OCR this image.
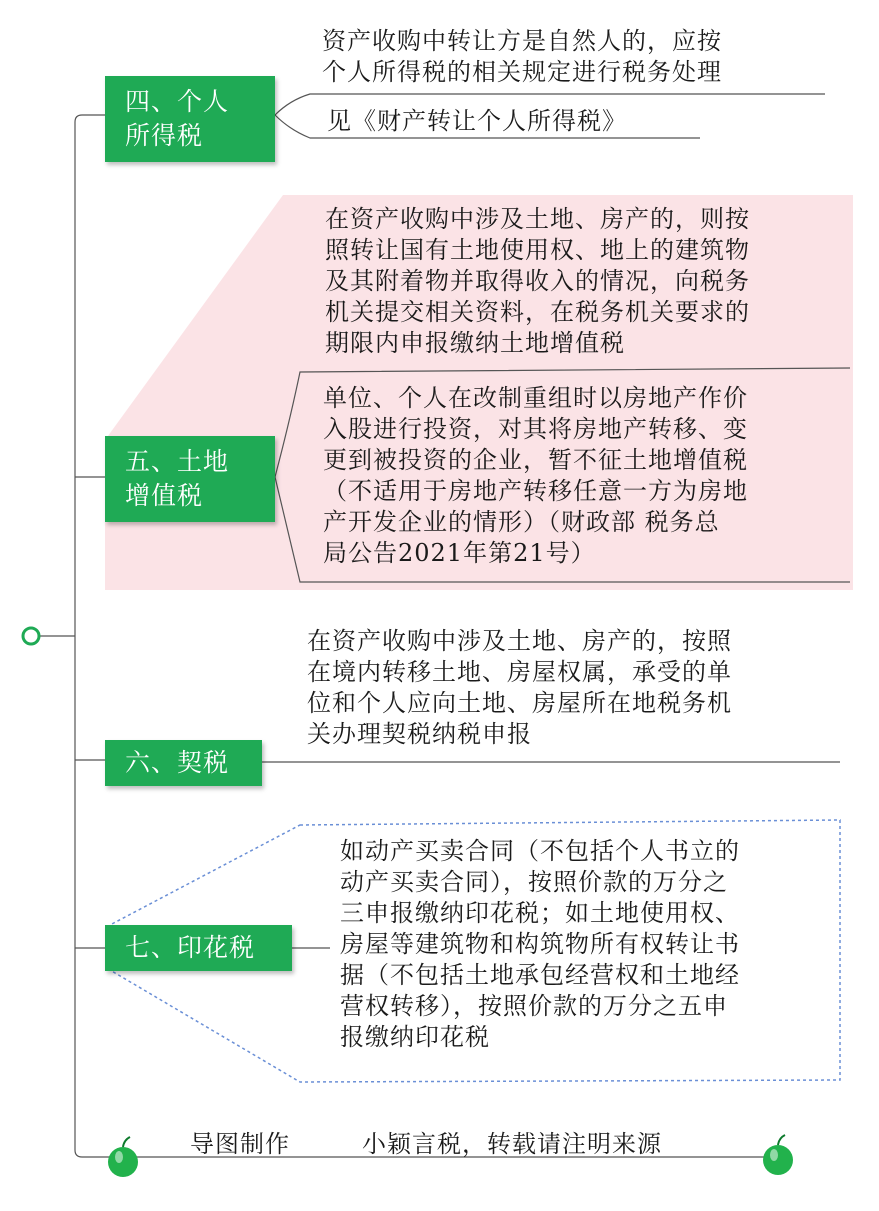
四、个人
所得税
资产收购中转让方是自然人的，应按
个人所得税的相关规定进行税务处理
见《财产转让个人所得税》
五、土地
增值税
在资产收购中涉及土地、房产的，则按
照转让国有土地使用权、地上的建筑物
及其附着物并取得收入的情况，向税务
机关提交相关资料，在税务机关要求的
期限内申报缴纳土地增值税
单位、个人在改制重组时以房地产作价
入股进行投资，对其将房地产转移、变
更到被投资的企业，暂不征土地增值税
（不适用于房地产转移任意一方为房地
产开发企业的情形）（财政部 税务总
局公告2021年第21号）
六、契税
在资产收购中涉及土地、房产的，按照
在境内转移土地、房屋权属，承受的单
位和个人应向土地、房屋所在地税务机
关办理契税纳税申报
七、印花税
如动产买卖合同（不包括个人书立的
动产买卖合同），按照价款的万分之
三申报缴纳印花税；如土地使用权、
房屋等建筑物和构筑物所有权转让书
据（不包括土地承包经营权和土地经
营权转移），按照价款的万分之五申
报缴纳印花税
导图制作	小颖言税，转载请注明来源
